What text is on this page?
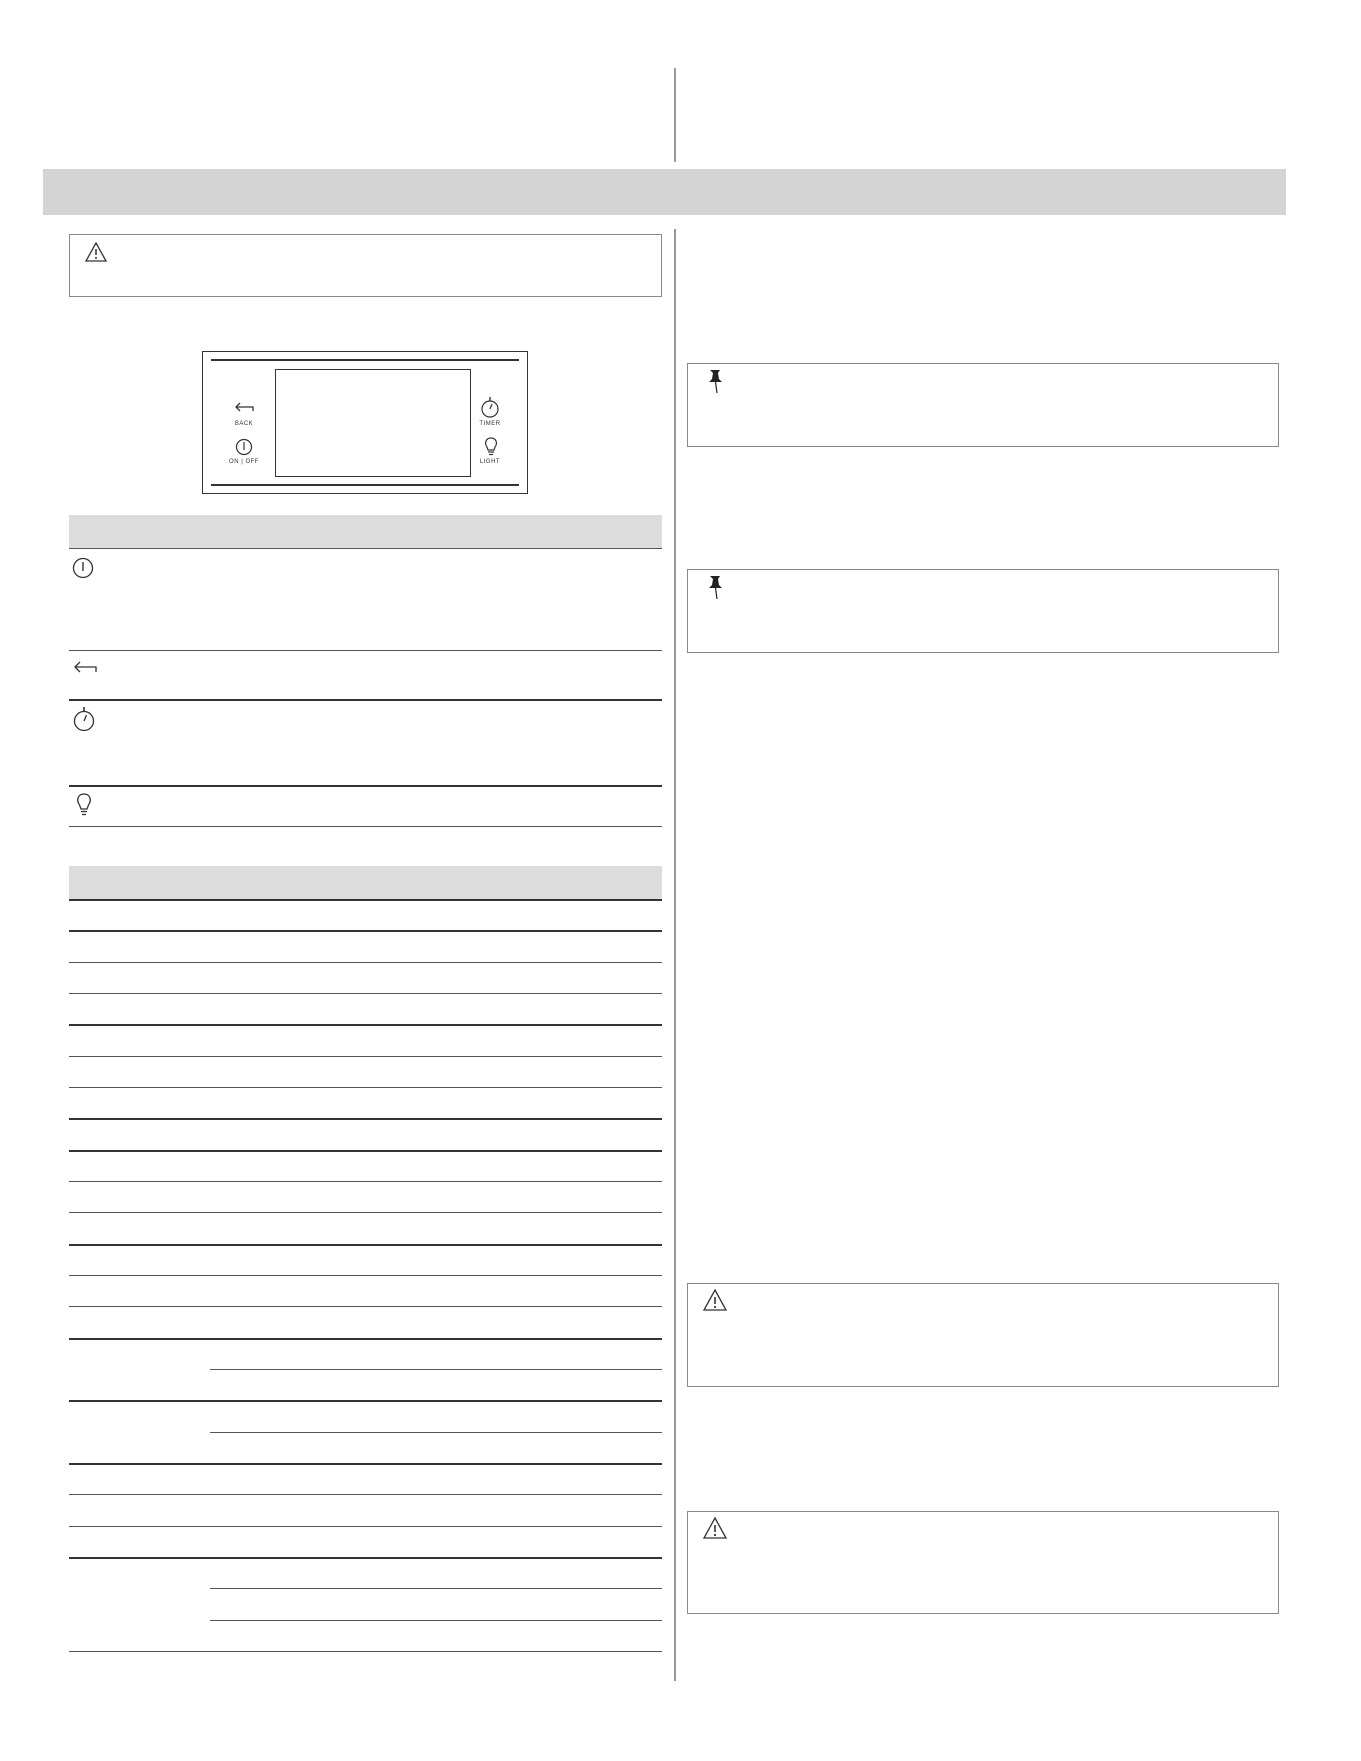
BACK
ON | OFF
TIMER
LIGHT
